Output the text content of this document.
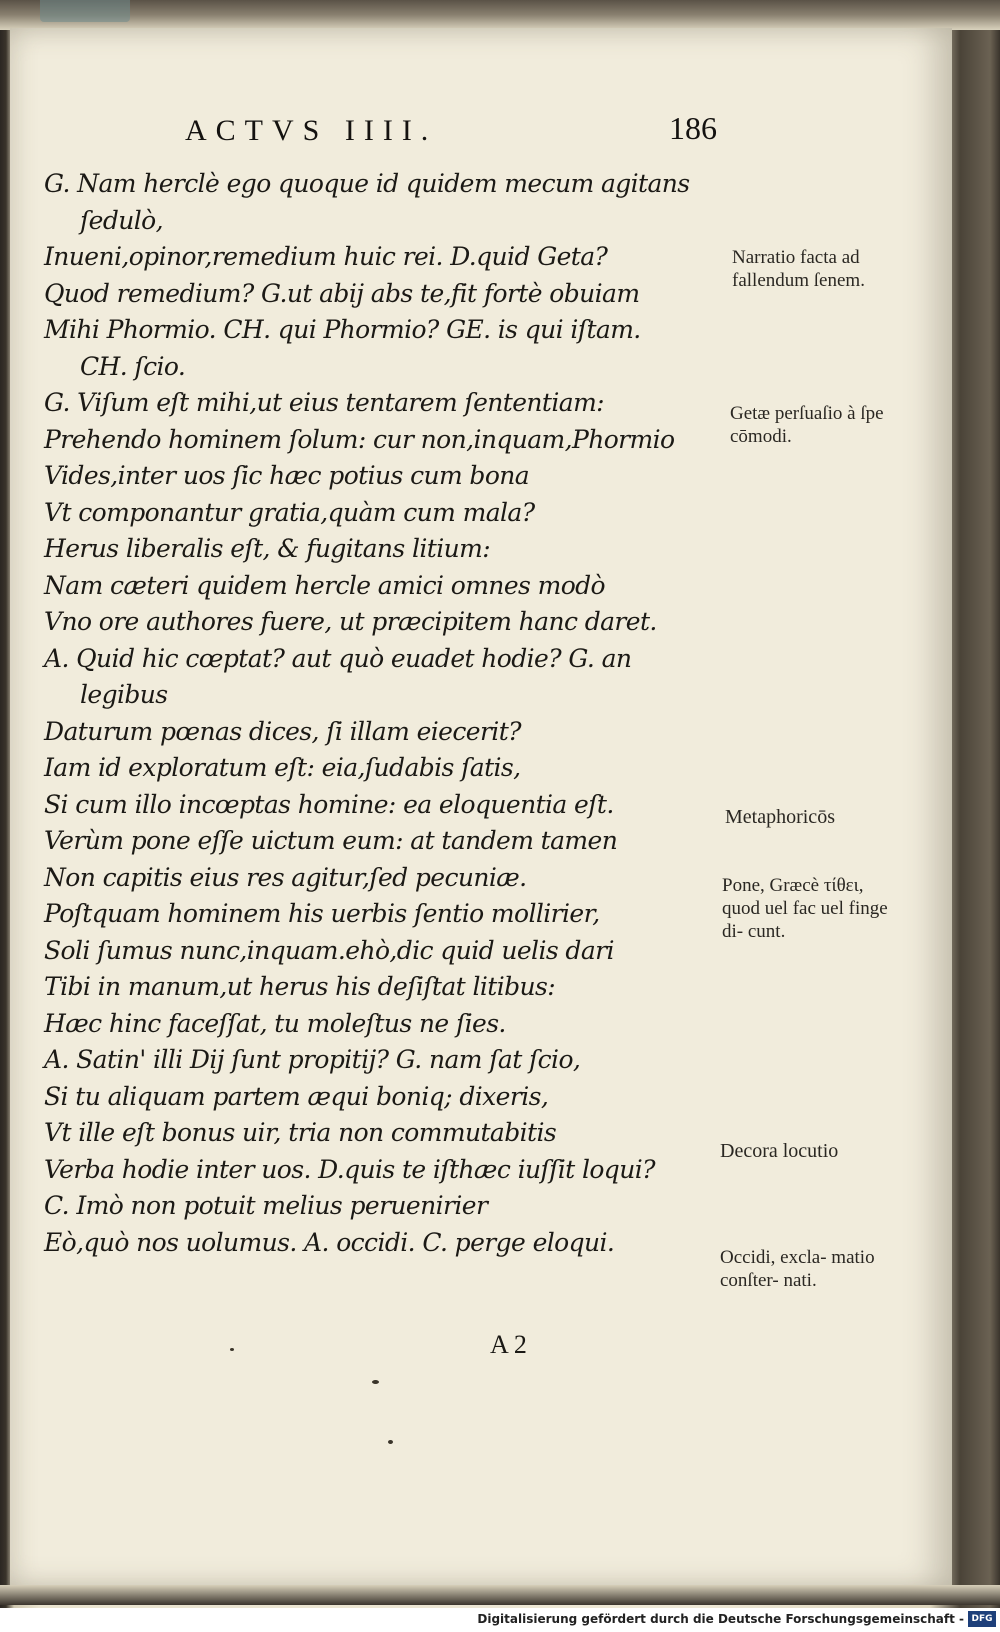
ACTVS IIII.	186
G. Nam herclè ego quoque id quidem mecum agitans
ſedulò,
Inueni,opinor,remedium huic rei. D.quid Geta?
Quod remedium? G.ut abij abs te,fit fortè obuiam
Mihi Phormio. CH. qui Phormio? GE. is qui iſtam.
CH. ſcio.
G. Viſum eſt mihi,ut eius tentarem ſententiam:
Prehendo hominem ſolum: cur non,inquam,Phormio
Vides,inter uos ſic hæc potius cum bona
Vt componantur gratia,quàm cum mala?
Herus liberalis eſt, & fugitans litium:
Nam cæteri quidem hercle amici omnes modò
Vno ore authores fuere, ut præcipitem hanc daret.
A. Quid hic cœptat? aut quò euadet hodie? G. an
legibus
Daturum pœnas dices, ſi illam eiecerit?
Iam id exploratum eſt: eia,ſudabis ſatis,
Si cum illo incœptas homine: ea eloquentia eſt.
Verùm pone eſſe uictum eum: at tandem tamen
Non capitis eius res agitur,ſed pecuniæ.
Poſtquam hominem his uerbis ſentio mollirier,
Soli ſumus nunc,inquam.ehò,dic quid uelis dari
Tibi in manum,ut herus his deſiſtat litibus:
Hæc hinc faceſſat, tu moleſtus ne ſies.
A. Satin' illi Dij ſunt propitij? G. nam ſat ſcio,
Si tu aliquam partem æqui boniq; dixeris,
Vt ille eſt bonus uir, tria non commutabitis
Verba hodie inter uos. D.quis te iſthæc iuſſit loqui?
C. Imò non potuit melius peruenirier
Eò,quò nos uolumus. A. occidi. C. perge eloqui.
Narratio facta ad fallendum ſenem.
Getæ perſuaſio à ſpe cōmodi.
Metaphoricōs
Pone, Græcè τίθει, quod uel fac uel finge di- cunt.
Decora locutio
Occidi, excla- matio conſter- nati.
A 2
Digitalisierung gefördert durch die Deutsche Forschungsgemeinschaft - DFG
